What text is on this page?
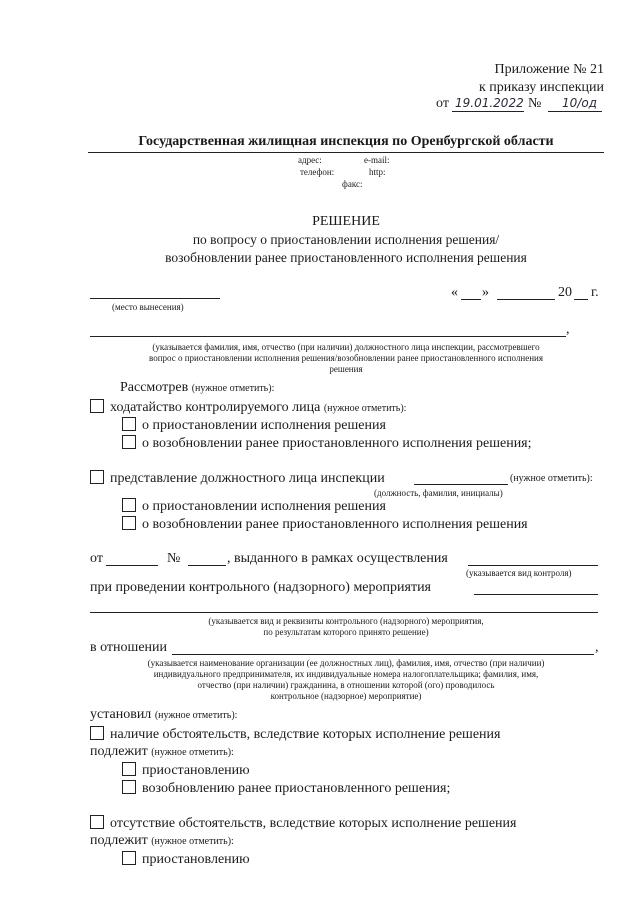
Приложение № 21
к приказу инспекции
от 19.01.2022 № 10/од
Государственная жилищная инспекция по Оренбургской области
адрес:	e-mail:
телефон:	http:
факс:
РЕШЕНИЕ
по вопросу о приостановлении исполнения решения/
возобновлении ранее приостановленного исполнения решения
(место вынесения)
« »	20 г.
,
(указывается фамилия, имя, отчество (при наличии) должностного лица инспекции, рассмотревшего
вопрос о приостановлении исполнения решения/возобновлении ранее приостановленного исполнения
решения
Рассмотрев (нужное отметить):
ходатайство контролируемого лица (нужное отметить):
о приостановлении исполнения решения
о возобновлении ранее приостановленного исполнения решения;
представление должностного лица инспекции	(нужное отметить):
(должность, фамилия, инициалы)
о приостановлении исполнения решения
о возобновлении ранее приостановленного исполнения решения
от	№	, выданного в рамках осуществления
(указывается вид контроля)
при проведении контрольного (надзорного) мероприятия
(указывается вид и реквизиты контрольного (надзорного) мероприятия,
по результатам которого принято решение)
в отношении	,
(указывается наименование организации (ее должностных лиц), фамилия, имя, отчество (при наличии)
индивидуального предпринимателя, их индивидуальные номера налогоплательщика; фамилия, имя,
отчество (при наличии) гражданина, в отношении которой (ого) проводилось
контрольное (надзорное) мероприятие)
установил (нужное отметить):
наличие обстоятельств, вследствие которых исполнение решения
подлежит (нужное отметить):
приостановлению
возобновлению ранее приостановленного решения;
отсутствие обстоятельств, вследствие которых исполнение решения
подлежит (нужное отметить):
приостановлению
